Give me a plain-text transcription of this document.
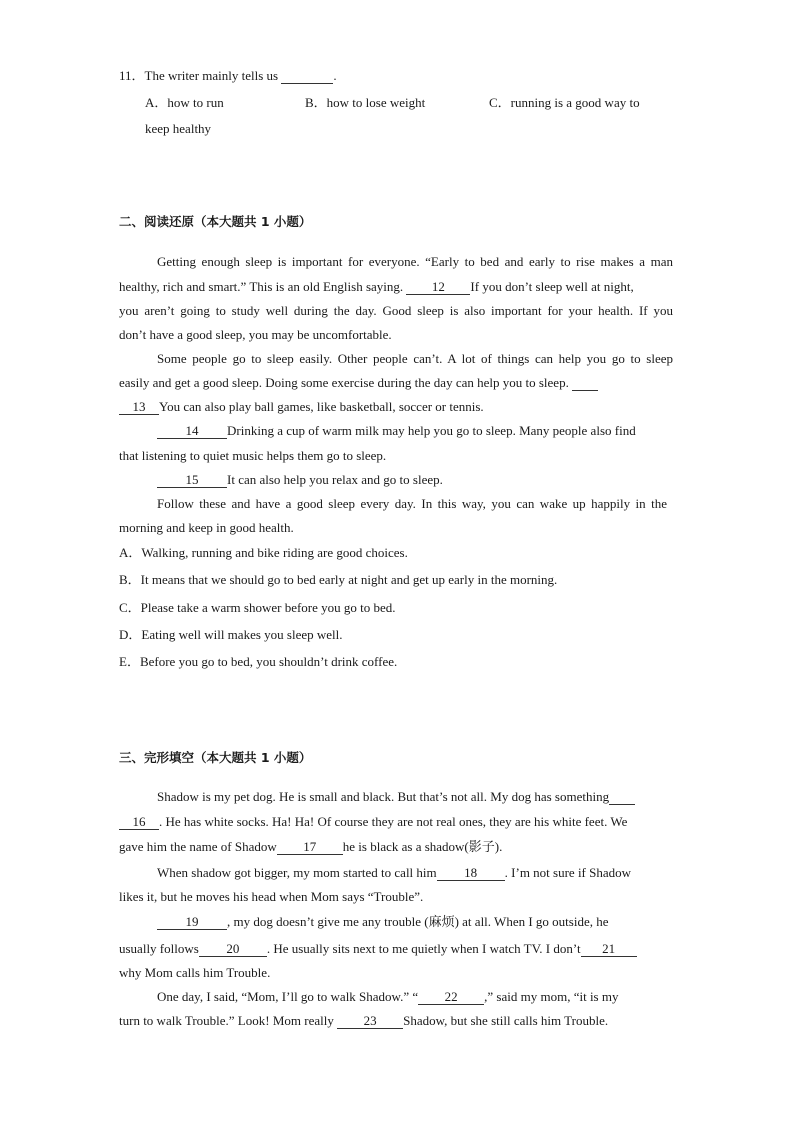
11．The writer mainly tells us	.
A．how to run	B．how to lose weight	C．running is a good way to
keep healthy
二、阅读还原（本大题共 1 小题）
Getting enough sleep is important for everyone. “Early to bed and early to rise makes a man
healthy, rich and smart.” This is an old English saying. 12 If you don’t sleep well at night,
you aren’t going to study well during the day. Good sleep is also important for your health. If you
don’t have a good sleep, you may be uncomfortable.
Some people go to sleep easily. Other people can’t. A lot of things can help you go to sleep
easily and get a good sleep. Doing some exercise during the day can help you to sleep.
13 You can also play ball games, like basketball, soccer or tennis.
14 Drinking a cup of warm milk may help you go to sleep. Many people also find
that listening to quiet music helps them go to sleep.
15 It can also help you relax and go to sleep.
Follow these and have a good sleep every day. In this way, you can wake up happily in the
morning and keep in good health.
A．Walking, running and bike riding are good choices.
B．It means that we should go to bed early at night and get up early in the morning.
C．Please take a warm shower before you go to bed.
D．Eating well will makes you sleep well.
E．Before you go to bed, you shouldn’t drink coffee.
三、完形填空（本大题共 1 小题）
Shadow is my pet dog. He is small and black. But that’s not all. My dog has something
16 . He has white socks. Ha! Ha! Of course they are not real ones, they are his white feet. We
gave him the name of Shadow 17 he is black as a shadow(影子).
When shadow got bigger, my mom started to call him 18 . I’m not sure if Shadow
likes it, but he moves his head when Mom says “Trouble”.
19 , my dog doesn’t give me any trouble (麻烦) at all. When I go outside, he
usually follows 20 . He usually sits next to me quietly when I watch TV. I don’t 21
why Mom calls him Trouble.
One day, I said, “Mom, I’ll go to walk Shadow.” “ 22 ,” said my mom, “it is my
turn to walk Trouble.” Look! Mom really 23 Shadow, but she still calls him Trouble.
